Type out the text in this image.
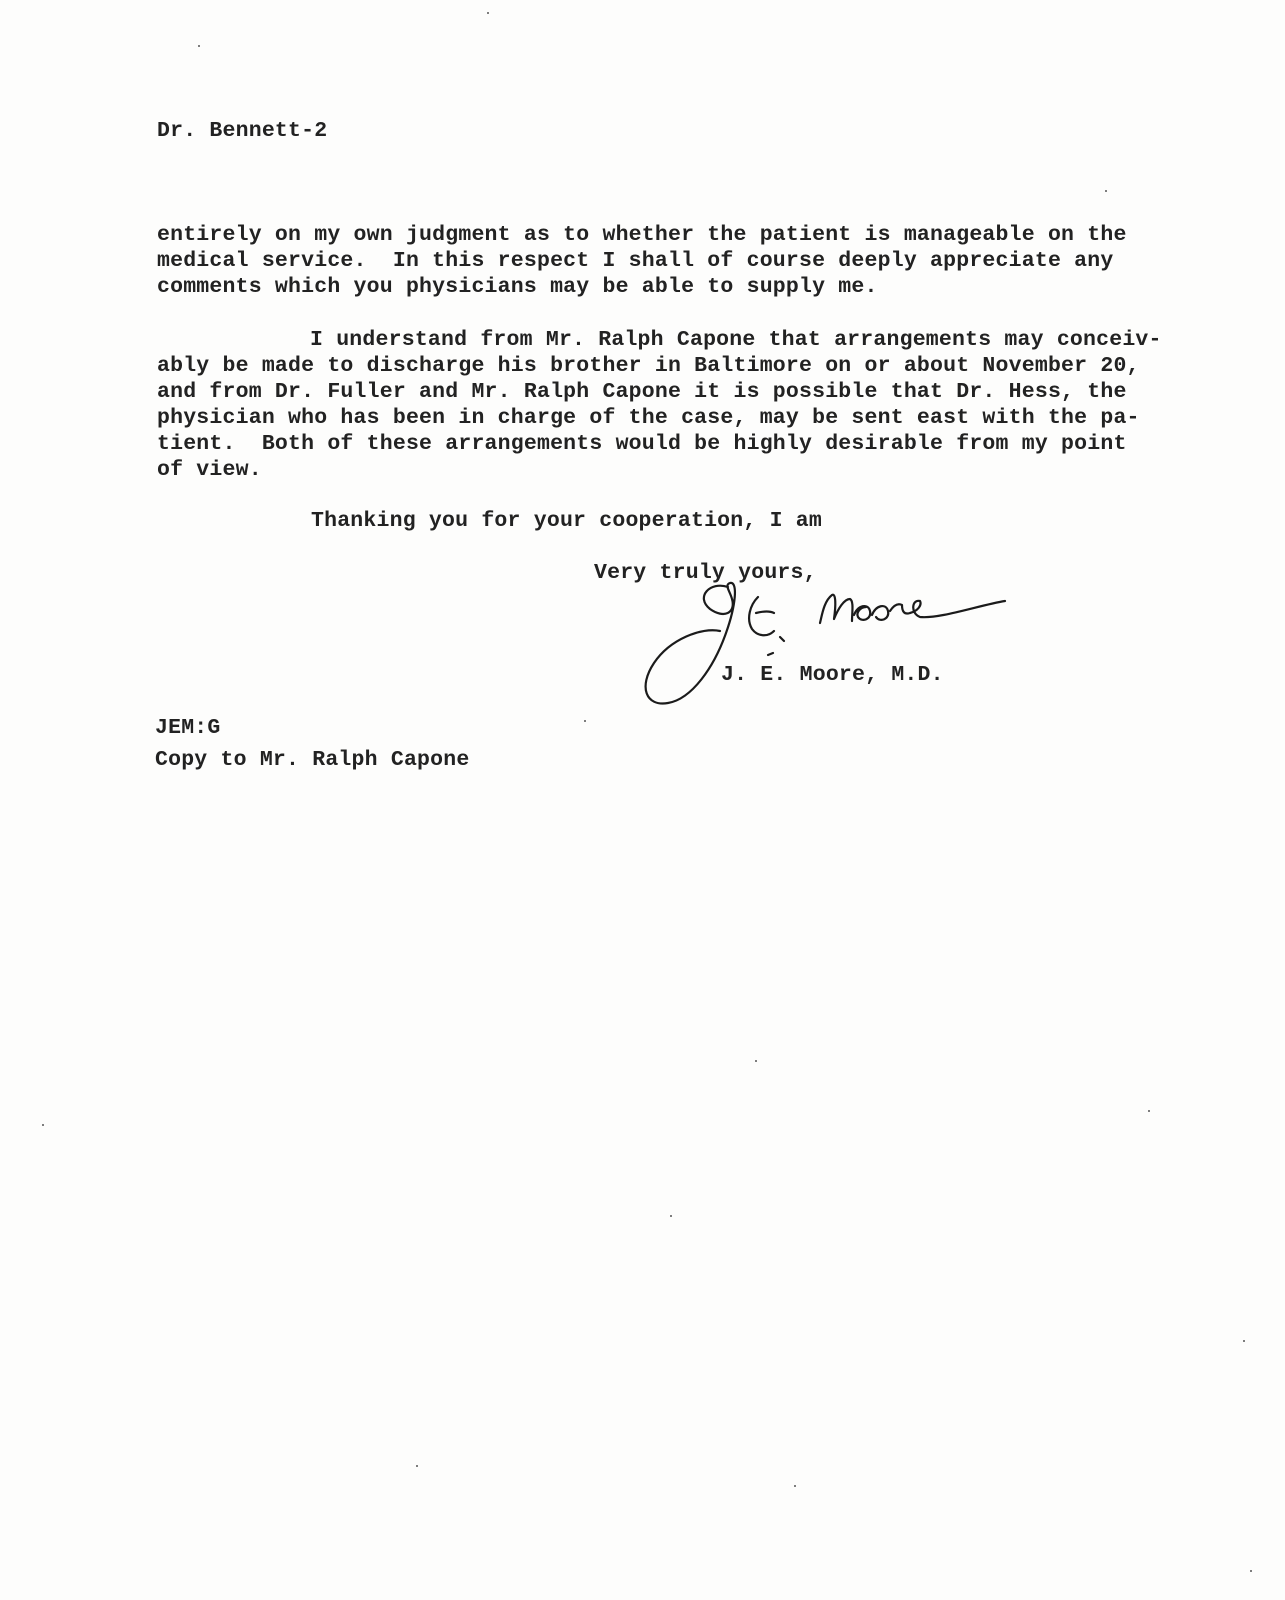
Dr. Bennett-2
entirely on my own judgment as to whether the patient is manageable on the
medical service.  In this respect I shall of course deeply appreciate any
comments which you physicians may be able to supply me.
I understand from Mr. Ralph Capone that arrangements may conceiv-
ably be made to discharge his brother in Baltimore on or about November 20,
and from Dr. Fuller and Mr. Ralph Capone it is possible that Dr. Hess, the
physician who has been in charge of the case, may be sent east with the pa-
tient.  Both of these arrangements would be highly desirable from my point
of view.
Thanking you for your cooperation, I am
Very truly yours,
J. E. Moore, M.D.
JEM:G
Copy to Mr. Ralph Capone
